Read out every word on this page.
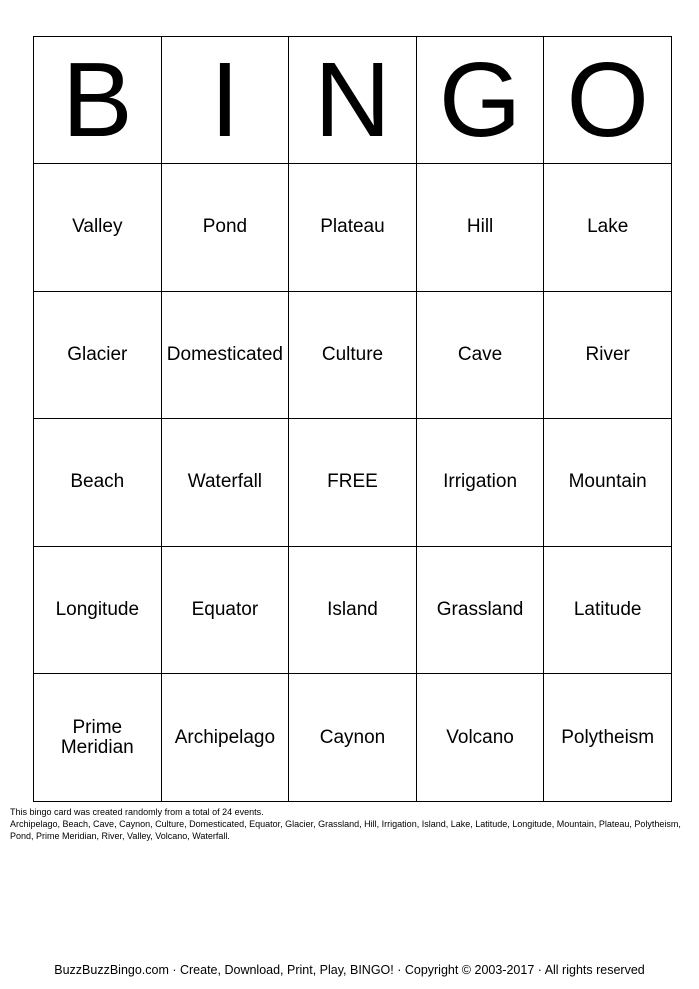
B	I	N	G	O
Valley	Pond	Plateau	Hill	Lake
Glacier	Domesticated	Culture	Cave	River
Beach	Waterfall	FREE	Irrigation	Mountain
Longitude	Equator	Island	Grassland	Latitude
Prime Meridian	Archipelago	Caynon	Volcano	Polytheism
This bingo card was created randomly from a total of 24 events.
Archipelago, Beach, Cave, Caynon, Culture, Domesticated, Equator, Glacier, Grassland, Hill, Irrigation, Island, Lake, Latitude, Longitude, Mountain, Plateau, Polytheism, Pond, Prime Meridian, River, Valley, Volcano, Waterfall.
BuzzBuzzBingo.com · Create, Download, Print, Play, BINGO! · Copyright © 2003-2017 · All rights reserved
